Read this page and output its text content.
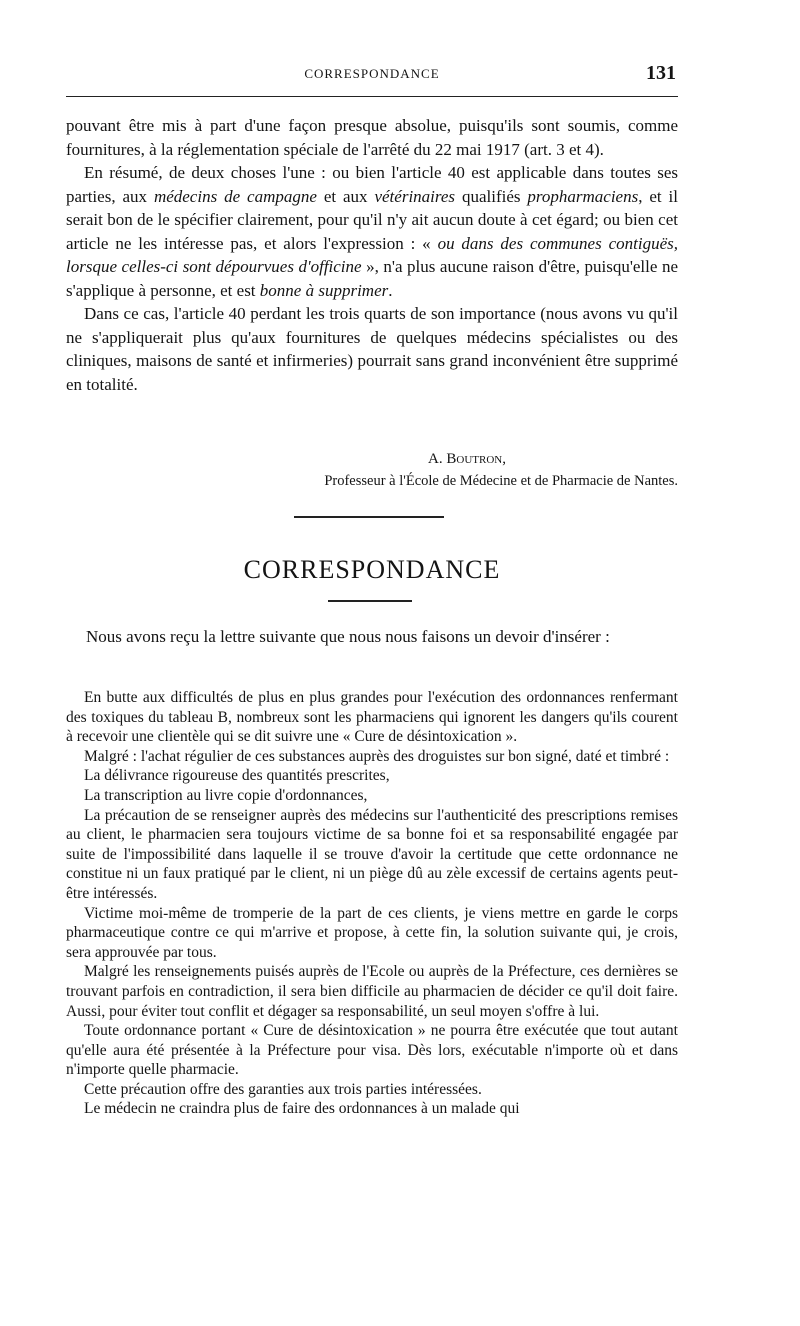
CORRESPONDANCE	131

pouvant être mis à part d'une façon presque absolue, puisqu'ils sont soumis, comme fournitures, à la réglementation spéciale de l'arrêté du 22 mai 1917 (art. 3 et 4).

En résumé, de deux choses l'une : ou bien l'article 40 est applicable dans toutes ses parties, aux médecins de campagne et aux vétérinaires qualifiés propharmaciens, et il serait bon de le spécifier clairement, pour qu'il n'y ait aucun doute à cet égard; ou bien cet article ne les intéresse pas, et alors l'expression : « ou dans des communes contiguës, lorsque celles-ci sont dépourvues d'officine », n'a plus aucune raison d'être, puisqu'elle ne s'applique à personne, et est bonne à supprimer.

Dans ce cas, l'article 40 perdant les trois quarts de son importance (nous avons vu qu'il ne s'appliquerait plus qu'aux fournitures de quelques médecins spécialistes ou des cliniques, maisons de santé et infirmeries) pourrait sans grand inconvénient être supprimé en totalité.

A. Boutron,
Professeur à l'École de Médecine et de Pharmacie de Nantes.
CORRESPONDANCE

Nous avons reçu la lettre suivante que nous nous faisons un devoir d'insérer :

En butte aux difficultés de plus en plus grandes pour l'exécution des ordonnances renfermant des toxiques du tableau B, nombreux sont les pharmaciens qui ignorent les dangers qu'ils courent à recevoir une clientèle qui se dit suivre une « Cure de désintoxication ».

Malgré : l'achat régulier de ces substances auprès des droguistes sur bon signé, daté et timbré :

La délivrance rigoureuse des quantités prescrites,

La transcription au livre copie d'ordonnances,

La précaution de se renseigner auprès des médecins sur l'authenticité des prescriptions remises au client, le pharmacien sera toujours victime de sa bonne foi et sa responsabilité engagée par suite de l'impossibilité dans laquelle il se trouve d'avoir la certitude que cette ordonnance ne constitue ni un faux pratiqué par le client, ni un piège dû au zèle excessif de certains agents peut-être intéressés.

Victime moi-même de tromperie de la part de ces clients, je viens mettre en garde le corps pharmaceutique contre ce qui m'arrive et propose, à cette fin, la solution suivante qui, je crois, sera approuvée par tous.

Malgré les renseignements puisés auprès de l'Ecole ou auprès de la Préfecture, ces dernières se trouvant parfois en contradiction, il sera bien difficile au pharmacien de décider ce qu'il doit faire. Aussi, pour éviter tout conflit et dégager sa responsabilité, un seul moyen s'offre à lui.

Toute ordonnance portant « Cure de désintoxication » ne pourra être exécutée que tout autant qu'elle aura été présentée à la Préfecture pour visa. Dès lors, exécutable n'importe où et dans n'importe quelle pharmacie.

Cette précaution offre des garanties aux trois parties intéressées.

Le médecin ne craindra plus de faire des ordonnances à un malade qui
